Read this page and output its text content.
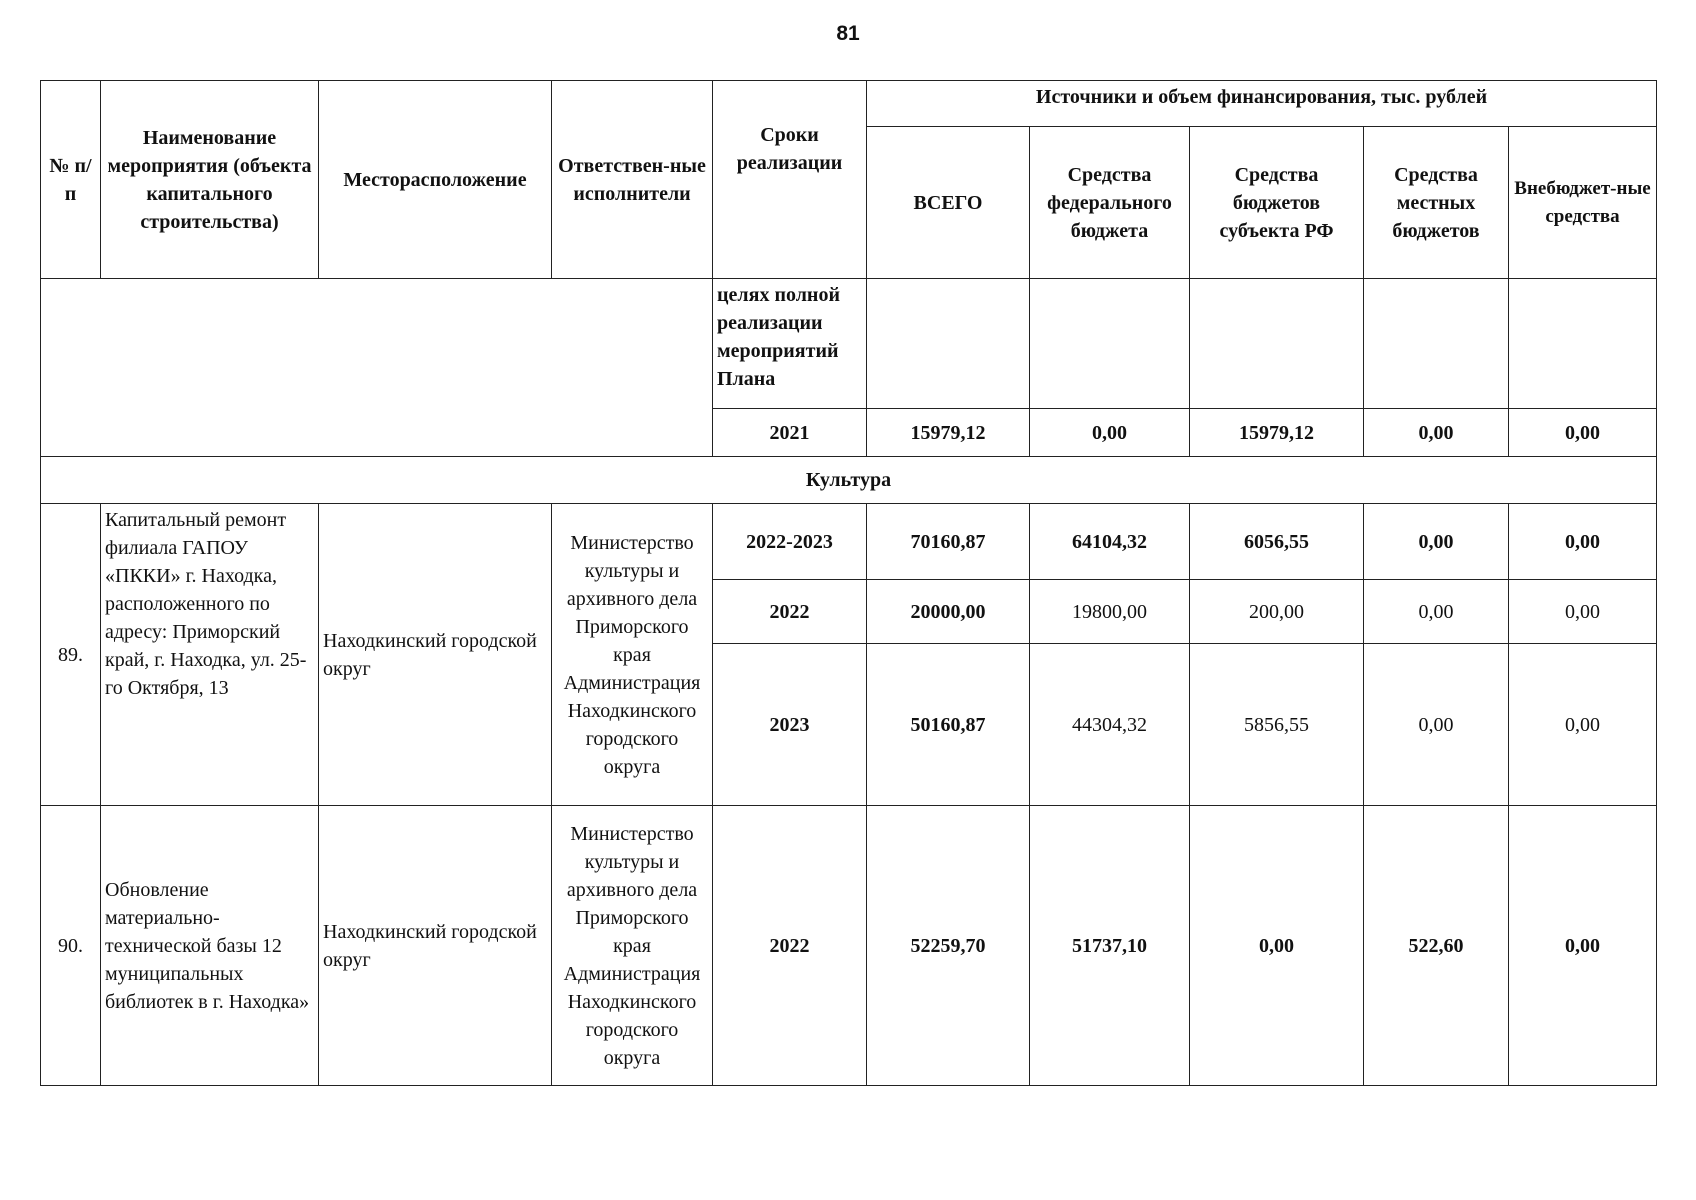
81
№ п/п	Наименование мероприятия (объекта капитального строительства)	Месторасположение	Ответствен-ные исполнители	Сроки реализации	Источники и объем финансирования, тыс. рублей				
					ВСЕГО	Средства федерального бюджета	Средства бюджетов субъекта РФ	Средства местных бюджетов	Внебюджет-ные средства
				целях полной реализации мероприятий Плана					
				2021	15979,12	0,00	15979,12	0,00	0,00
Культура									
89.	Капитальный ремонт филиала ГАПОУ «ПККИ» г. Находка, расположенного по адресу: Приморский край, г. Находка, ул. 25-го Октября, 13	Находкинский городской округ	Министерство культуры и архивного дела Приморского края Администрация Находкинского городского округа	2022-2023	70160,87	64104,32	6056,55	0,00	0,00
				2022	20000,00	19800,00	200,00	0,00	0,00
				2023	50160,87	44304,32	5856,55	0,00	0,00
90.	Обновление материально-технической базы 12 муниципальных библиотек в г. Находка»	Находкинский городской округ	Министерство культуры и архивного дела Приморского края Администрация Находкинского городского округа	2022	52259,70	51737,10	0,00	522,60	0,00
